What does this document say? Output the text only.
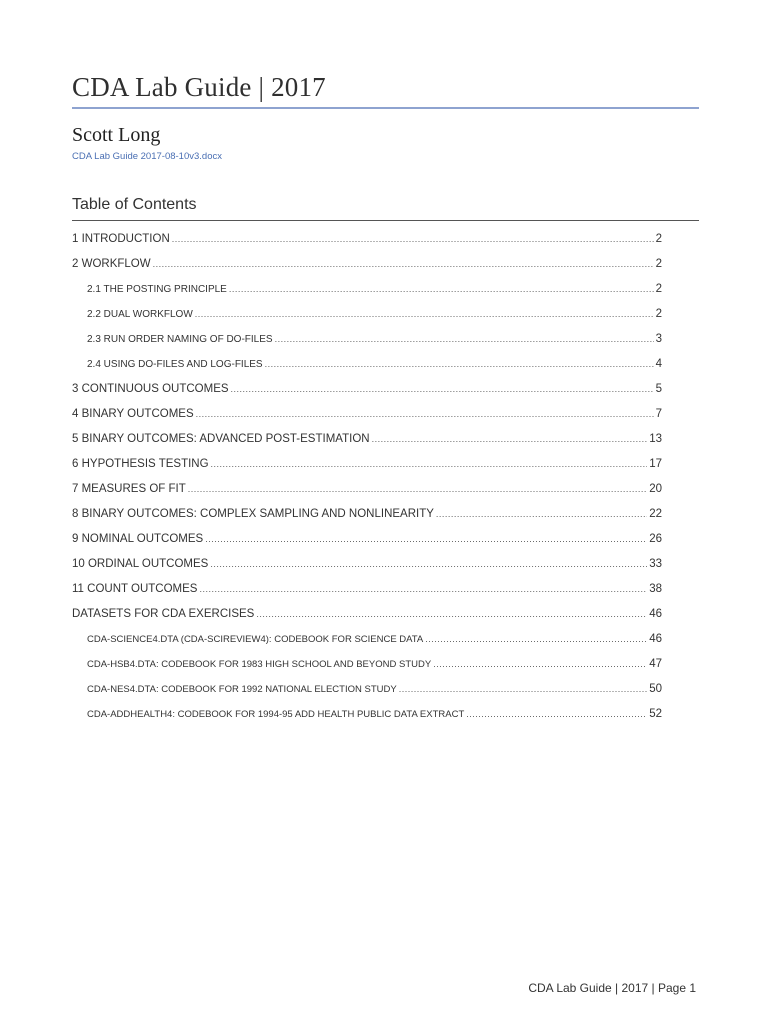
CDA Lab Guide | 2017
Scott Long
CDA Lab Guide 2017-08-10v3.docx
Table of Contents
1 INTRODUCTION .....	2
2 WORKFLOW .....	2
2.1 THE POSTING PRINCIPLE .....	2
2.2 DUAL WORKFLOW .....	2
2.3 RUN ORDER NAMING OF DO-FILES .....	3
2.4 USING DO-FILES AND LOG-FILES .....	4
3 CONTINUOUS OUTCOMES .....	5
4 BINARY OUTCOMES .....	7
5 BINARY OUTCOMES: ADVANCED POST-ESTIMATION .....	13
6 HYPOTHESIS TESTING .....	17
7 MEASURES OF FIT .....	20
8 BINARY OUTCOMES: COMPLEX SAMPLING AND NONLINEARITY .....	22
9 NOMINAL OUTCOMES .....	26
10 ORDINAL OUTCOMES .....	33
11 COUNT OUTCOMES .....	38
DATASETS FOR CDA EXERCISES .....	46
CDA-SCIENCE4.DTA (CDA-SCIREVIEW4): CODEBOOK FOR SCIENCE DATA .....	46
CDA-HSB4.DTA: CODEBOOK FOR 1983 HIGH SCHOOL AND BEYOND STUDY .....	47
CDA-NES4.DTA: CODEBOOK FOR 1992 NATIONAL ELECTION STUDY .....	50
CDA-ADDHEALTH4: CODEBOOK FOR 1994-95 ADD HEALTH PUBLIC DATA EXTRACT .....	52
CDA Lab Guide | 2017 | Page 1
